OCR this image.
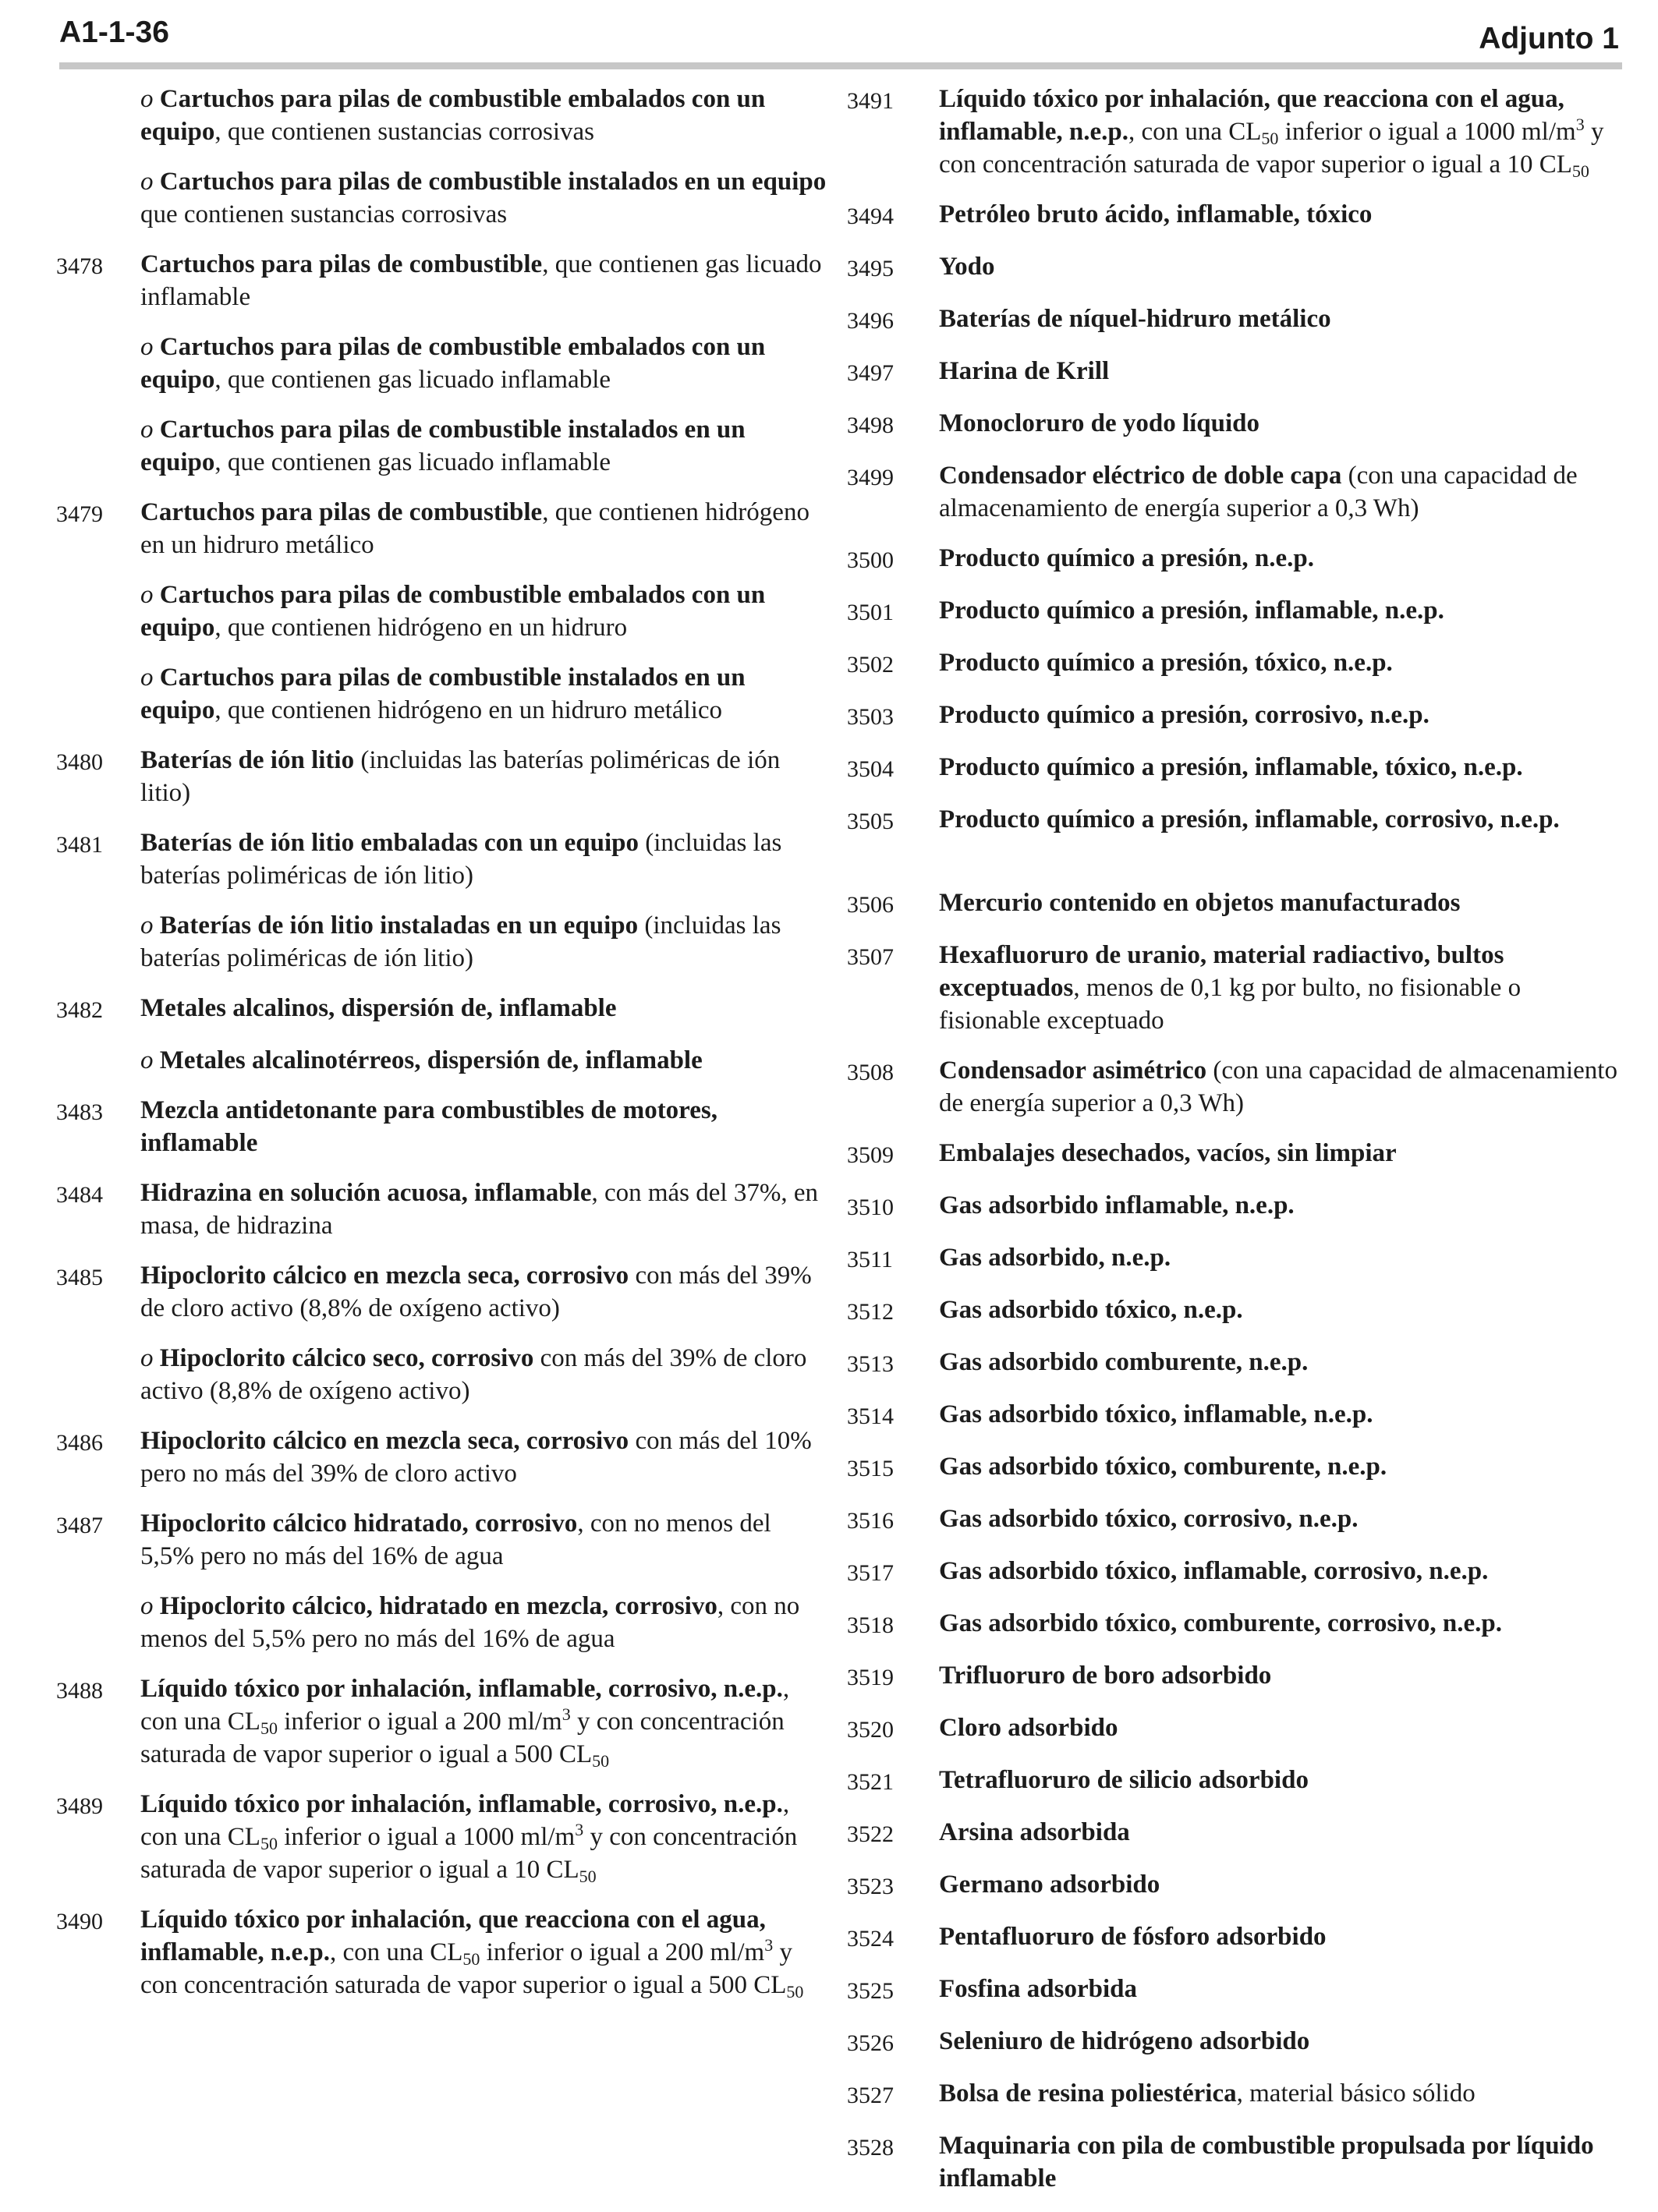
A1-1-36	Adjunto 1
o Cartuchos para pilas de combustible embalados con un equipo, que contienen sustancias corrosivas
o Cartuchos para pilas de combustible instalados en un equipo que contienen sustancias corrosivas
3478	Cartuchos para pilas de combustible, que contienen gas licuado inflamable
o Cartuchos para pilas de combustible embalados con un equipo, que contienen gas licuado inflamable
o Cartuchos para pilas de combustible instalados en un equipo, que contienen gas licuado inflamable
3479	Cartuchos para pilas de combustible, que contienen hidrógeno en un hidruro metálico
o Cartuchos para pilas de combustible embalados con un equipo, que contienen hidrógeno en un hidruro
o Cartuchos para pilas de combustible instalados en un equipo, que contienen hidrógeno en un hidruro metálico
3480	Baterías de ión litio (incluidas las baterías poliméricas de ión litio)
3481	Baterías de ión litio embaladas con un equipo (incluidas las baterías poliméricas de ión litio)
o Baterías de ión litio instaladas en un equipo (incluidas las baterías poliméricas de ión litio)
3482	Metales alcalinos, dispersión de, inflamable
o Metales alcalinotérreos, dispersión de, inflamable
3483	Mezcla antidetonante para combustibles de motores, inflamable
3484	Hidrazina en solución acuosa, inflamable, con más del 37%, en masa, de hidrazina
3485	Hipoclorito cálcico en mezcla seca, corrosivo con más del 39% de cloro activo (8,8% de oxígeno activo)
o Hipoclorito cálcico seco, corrosivo con más del 39% de cloro activo (8,8% de oxígeno activo)
3486	Hipoclorito cálcico en mezcla seca, corrosivo con más del 10% pero no más del 39% de cloro activo
3487	Hipoclorito cálcico hidratado, corrosivo, con no menos del 5,5% pero no más del 16% de agua
o Hipoclorito cálcico, hidratado en mezcla, corrosivo, con no menos del 5,5% pero no más del 16% de agua
3488	Líquido tóxico por inhalación, inflamable, corrosivo, n.e.p., con una $CL_{50}$ inferior o igual a 200 $ml/m^3$ y con concentración saturada de vapor superior o igual a 500 $CL_{50}$
3489	Líquido tóxico por inhalación, inflamable, corrosivo, n.e.p., con una $CL_{50}$ inferior o igual a 1000 $ml/m^3$ y con concentración saturada de vapor superior o igual a 10 $CL_{50}$
3490	Líquido tóxico por inhalación, que reacciona con el agua, inflamable, n.e.p., con una $CL_{50}$ inferior o igual a 200 $ml/m^3$ y con concentración saturada de vapor superior o igual a 500 $CL_{50}$
3491	Líquido tóxico por inhalación, que reacciona con el agua, inflamable, n.e.p., con una $CL_{50}$ inferior o igual a 1000 $ml/m^3$ y con concentración saturada de vapor superior o igual a 10 $CL_{50}$
3494	Petróleo bruto ácido, inflamable, tóxico
3495	Yodo
3496	Baterías de níquel-hidruro metálico
3497	Harina de Krill
3498	Monocloruro de yodo líquido
3499	Condensador eléctrico de doble capa (con una capacidad de almacenamiento de energía superior a 0,3 Wh)
3500	Producto químico a presión, n.e.p.
3501	Producto químico a presión, inflamable, n.e.p.
3502	Producto químico a presión, tóxico, n.e.p.
3503	Producto químico a presión, corrosivo, n.e.p.
3504	Producto químico a presión, inflamable, tóxico, n.e.p.
3505	Producto químico a presión, inflamable, corrosivo, n.e.p.
3506	Mercurio contenido en objetos manufacturados
3507	Hexafluoruro de uranio, material radiactivo, bultos exceptuados, menos de 0,1 kg por bulto, no fisionable o fisionable exceptuado
3508	Condensador asimétrico (con una capacidad de almacenamiento de energía superior a 0,3 Wh)
3509	Embalajes desechados, vacíos, sin limpiar
3510	Gas adsorbido inflamable, n.e.p.
3511	Gas adsorbido, n.e.p.
3512	Gas adsorbido tóxico, n.e.p.
3513	Gas adsorbido comburente, n.e.p.
3514	Gas adsorbido tóxico, inflamable, n.e.p.
3515	Gas adsorbido tóxico, comburente, n.e.p.
3516	Gas adsorbido tóxico, corrosivo, n.e.p.
3517	Gas adsorbido tóxico, inflamable, corrosivo, n.e.p.
3518	Gas adsorbido tóxico, comburente, corrosivo, n.e.p.
3519	Trifluoruro de boro adsorbido
3520	Cloro adsorbido
3521	Tetrafluoruro de silicio adsorbido
3522	Arsina adsorbida
3523	Germano adsorbido
3524	Pentafluoruro de fósforo adsorbido
3525	Fosfina adsorbida
3526	Seleniuro de hidrógeno adsorbido
3527	Bolsa de resina poliestérica, material básico sólido
3528	Maquinaria con pila de combustible propulsada por líquido inflamable
